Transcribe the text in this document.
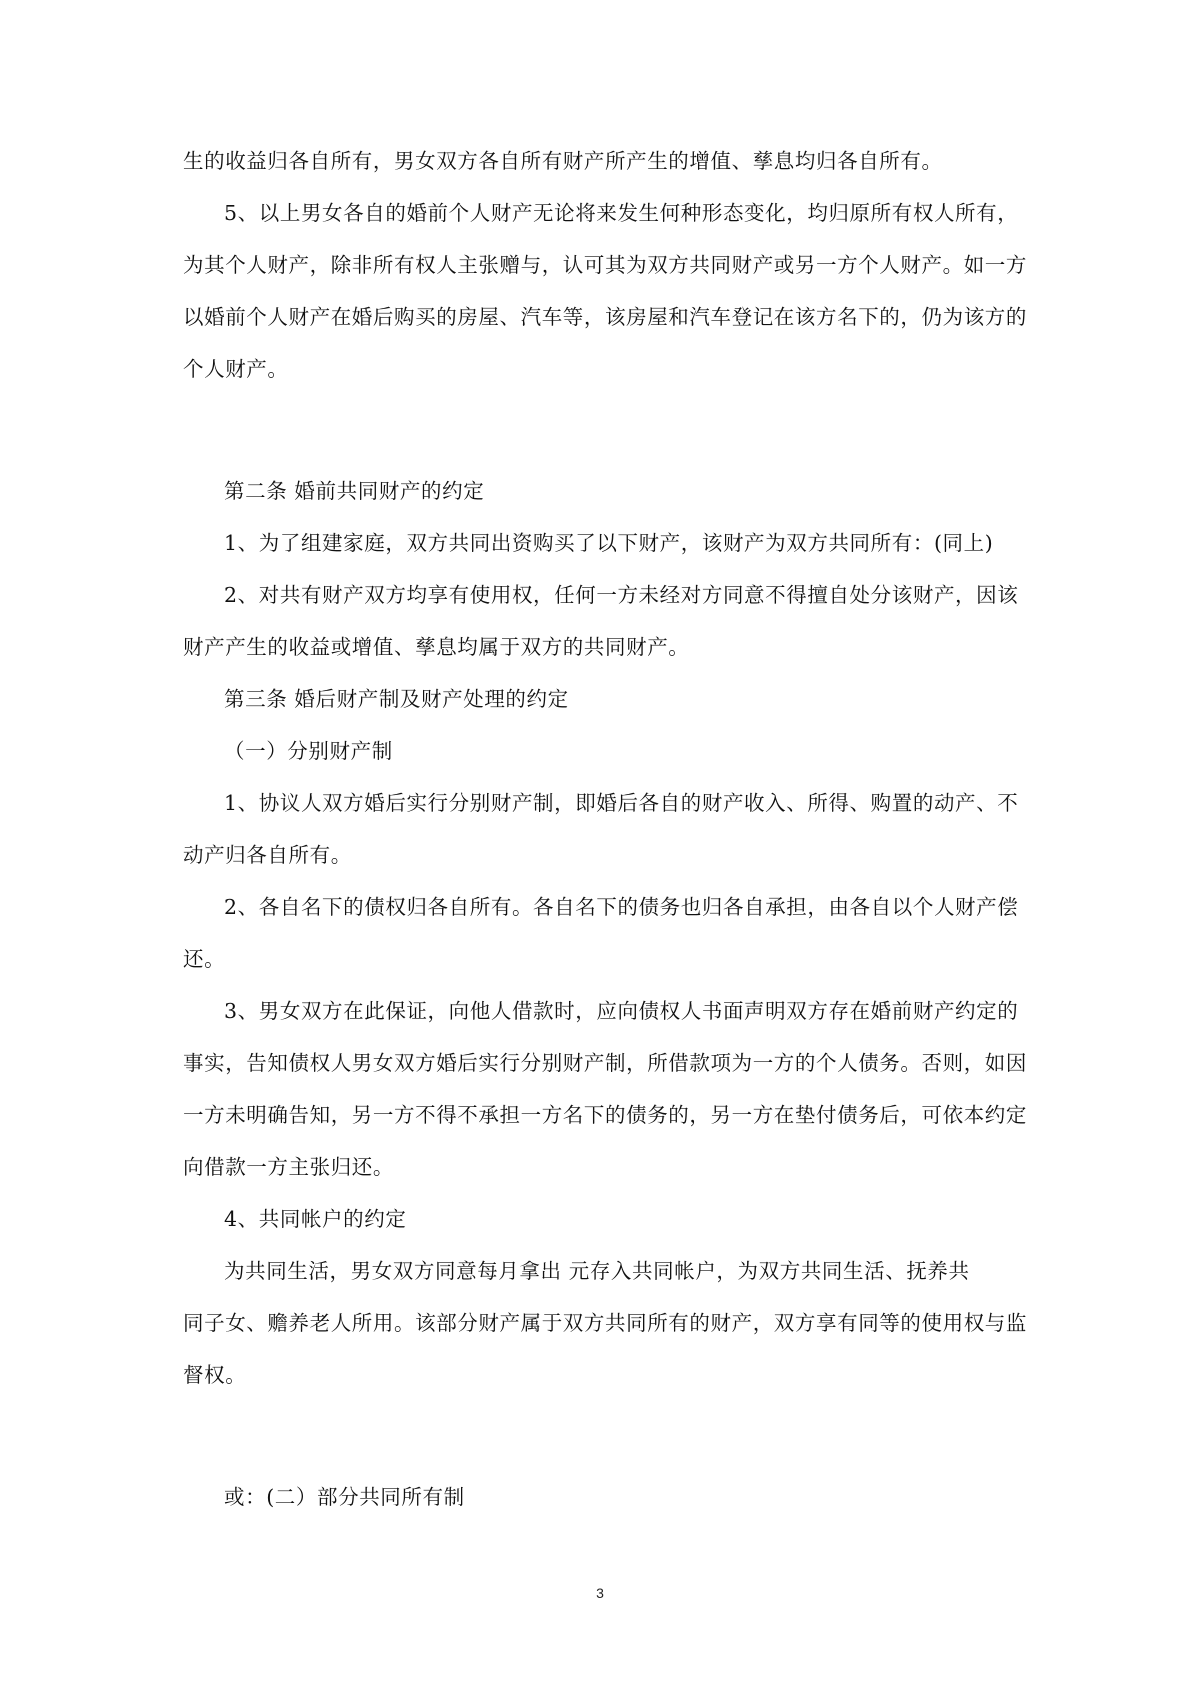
生的收益归各自所有，男女双方各自所有财产所产生的增值、孳息均归各自所有。
5、以上男女各自的婚前个人财产无论将来发生何种形态变化，均归原所有权人所有，
为其个人财产，除非所有权人主张赠与，认可其为双方共同财产或另一方个人财产。如一方
以婚前个人财产在婚后购买的房屋、汽车等，该房屋和汽车登记在该方名下的，仍为该方的
个人财产。
第二条 婚前共同财产的约定
1、为了组建家庭，双方共同出资购买了以下财产，该财产为双方共同所有：(同上)
2、对共有财产双方均享有使用权，任何一方未经对方同意不得擅自处分该财产，因该
财产产生的收益或增值、孳息均属于双方的共同财产。
第三条 婚后财产制及财产处理的约定
（一）分别财产制
1、协议人双方婚后实行分别财产制，即婚后各自的财产收入、所得、购置的动产、不
动产归各自所有。
2、各自名下的债权归各自所有。各自名下的债务也归各自承担，由各自以个人财产偿
还。
3、男女双方在此保证，向他人借款时，应向债权人书面声明双方存在婚前财产约定的
事实，告知债权人男女双方婚后实行分别财产制，所借款项为一方的个人债务。否则，如因
一方未明确告知，另一方不得不承担一方名下的债务的，另一方在垫付债务后，可依本约定
向借款一方主张归还。
4、共同帐户的约定
为共同生活，男女双方同意每月拿出 元存入共同帐户，为双方共同生活、抚养共
同子女、赡养老人所用。该部分财产属于双方共同所有的财产，双方享有同等的使用权与监
督权。
或：(二）部分共同所有制
3
